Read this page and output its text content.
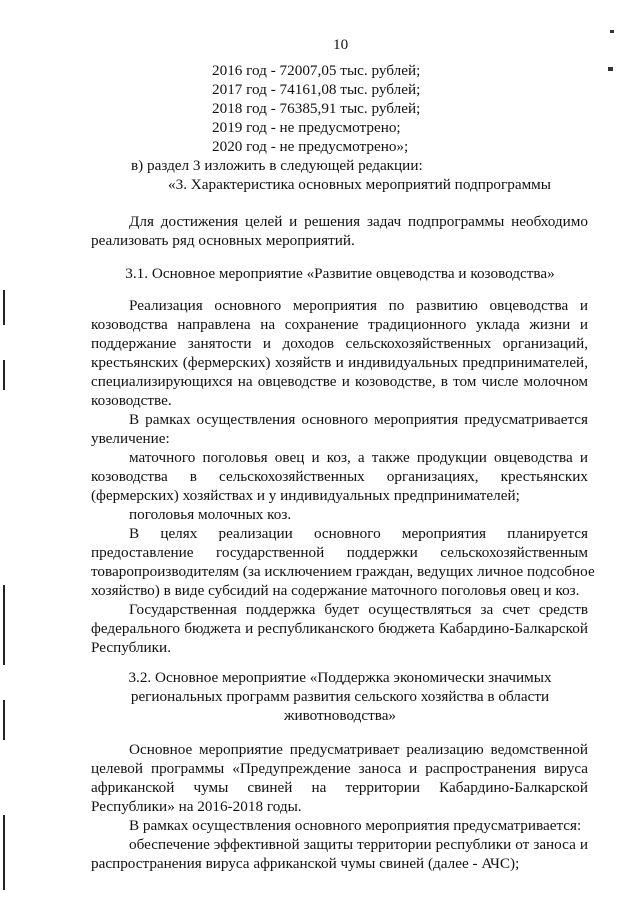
10

2016 год - 72007,05 тыс. рублей;

2017 год - 74161,08 тыс. рублей;

2018 год - 76385,91 тыс. рублей;

2019 год - не предусмотрено;

2020 год - не предусмотрено»;

в) раздел 3 изложить в следующей редакции:

«3. Характеристика основных мероприятий подпрограммы

Для достижения целей и решения задач подпрограммы необходимо

реализовать ряд основных мероприятий.

3.1. Основное мероприятие «Развитие овцеводства и козоводства»

Реализация основного мероприятия по развитию овцеводства и

козоводства направлена на сохранение традиционного уклада жизни и

поддержание занятости и доходов сельскохозяйственных организаций,

крестьянских (фермерских) хозяйств и индивидуальных предпринимателей,

специализирующихся на овцеводстве и козоводстве, в том числе молочном

козоводстве.

В рамках осуществления основного мероприятия предусматривается

увеличение:

маточного поголовья овец и коз, а также продукции овцеводства и

козоводства в сельскохозяйственных организациях, крестьянских

(фермерских) хозяйствах и у индивидуальных предпринимателей;

поголовья молочных коз.

В целях реализации основного мероприятия планируется

предоставление государственной поддержки сельскохозяйственным

товаропроизводителям (за исключением граждан, ведущих личное подсобное

хозяйство) в виде субсидий на содержание маточного поголовья овец и коз.

Государственная поддержка будет осуществляться за счет средств

федерального бюджета и республиканского бюджета Кабардино-Балкарской

Республики.

3.2. Основное мероприятие «Поддержка экономически значимых

региональных программ развития сельского хозяйства в области

животноводства»

Основное мероприятие предусматривает реализацию ведомственной

целевой программы «Предупреждение заноса и распространения вируса

африканской чумы свиней на территории Кабардино-Балкарской

Республики» на 2016-2018 годы.

В рамках осуществления основного мероприятия предусматривается:

обеспечение эффективной защиты территории республики от заноса и

распространения вируса африканской чумы свиней (далее - АЧС);
